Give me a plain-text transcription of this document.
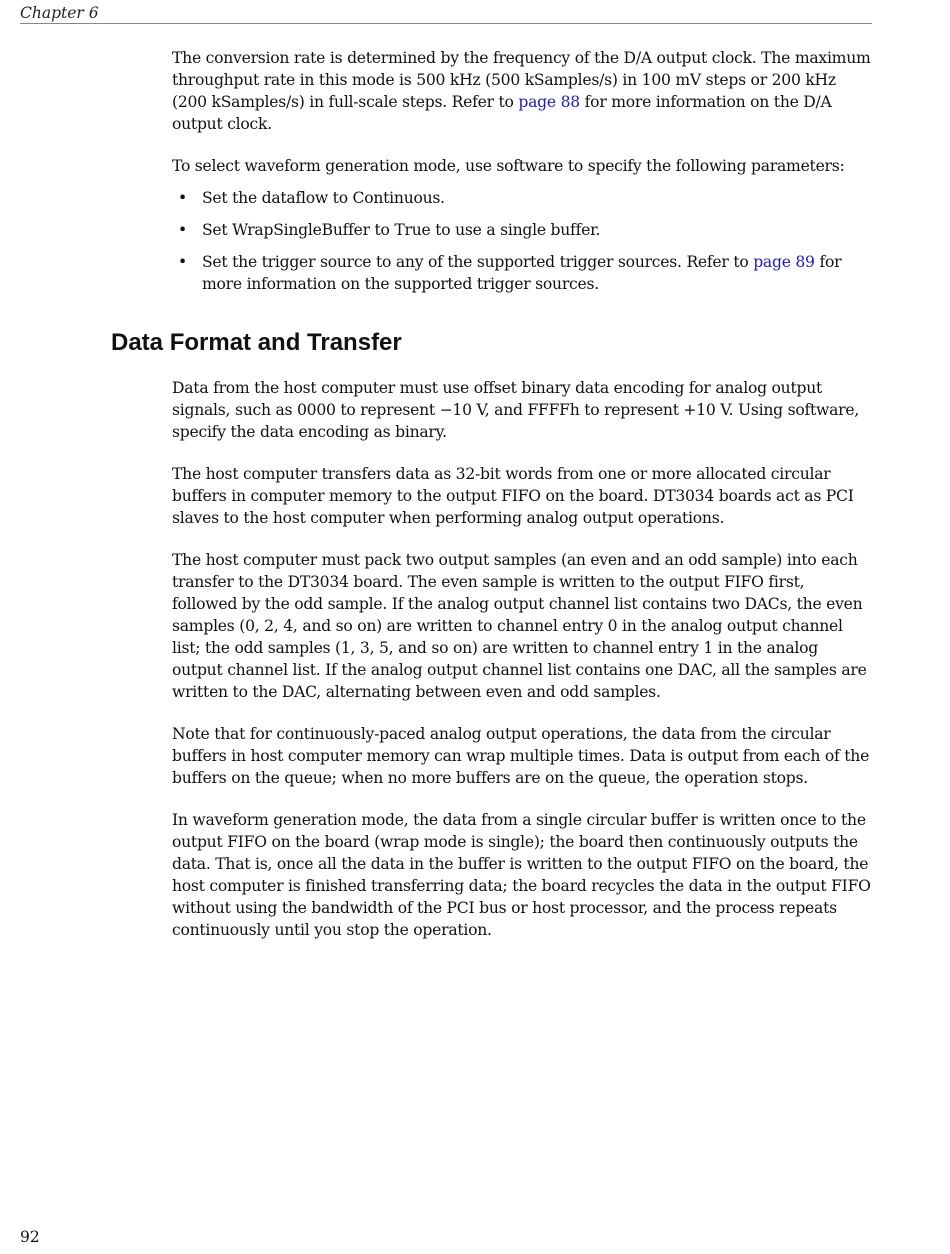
Chapter 6

The conversion rate is determined by the frequency of the D/A output clock. The maximum throughput rate in this mode is 500 kHz (500 kSamples/s) in 100 mV steps or 200 kHz (200 kSamples/s) in full-scale steps. Refer to page 88 for more information on the D/A output clock.

To select waveform generation mode, use software to specify the following parameters:

• Set the dataflow to Continuous.
• Set WrapSingleBuffer to True to use a single buffer.
• Set the trigger source to any of the supported trigger sources. Refer to page 89 for more information on the supported trigger sources.
Data Format and Transfer

Data from the host computer must use offset binary data encoding for analog output signals, such as 0000 to represent −10 V, and FFFFh to represent +10 V. Using software, specify the data encoding as binary.

The host computer transfers data as 32-bit words from one or more allocated circular buffers in computer memory to the output FIFO on the board. DT3034 boards act as PCI slaves to the host computer when performing analog output operations.

The host computer must pack two output samples (an even and an odd sample) into each transfer to the DT3034 board. The even sample is written to the output FIFO first, followed by the odd sample. If the analog output channel list contains two DACs, the even samples (0, 2, 4, and so on) are written to channel entry 0 in the analog output channel list; the odd samples (1, 3, 5, and so on) are written to channel entry 1 in the analog output channel list. If the analog output channel list contains one DAC, all the samples are written to the DAC, alternating between even and odd samples.

Note that for continuously-paced analog output operations, the data from the circular buffers in host computer memory can wrap multiple times. Data is output from each of the buffers on the queue; when no more buffers are on the queue, the operation stops.

In waveform generation mode, the data from a single circular buffer is written once to the output FIFO on the board (wrap mode is single); the board then continuously outputs the data. That is, once all the data in the buffer is written to the output FIFO on the board, the host computer is finished transferring data; the board recycles the data in the output FIFO without using the bandwidth of the PCI bus or host processor, and the process repeats continuously until you stop the operation.

92
